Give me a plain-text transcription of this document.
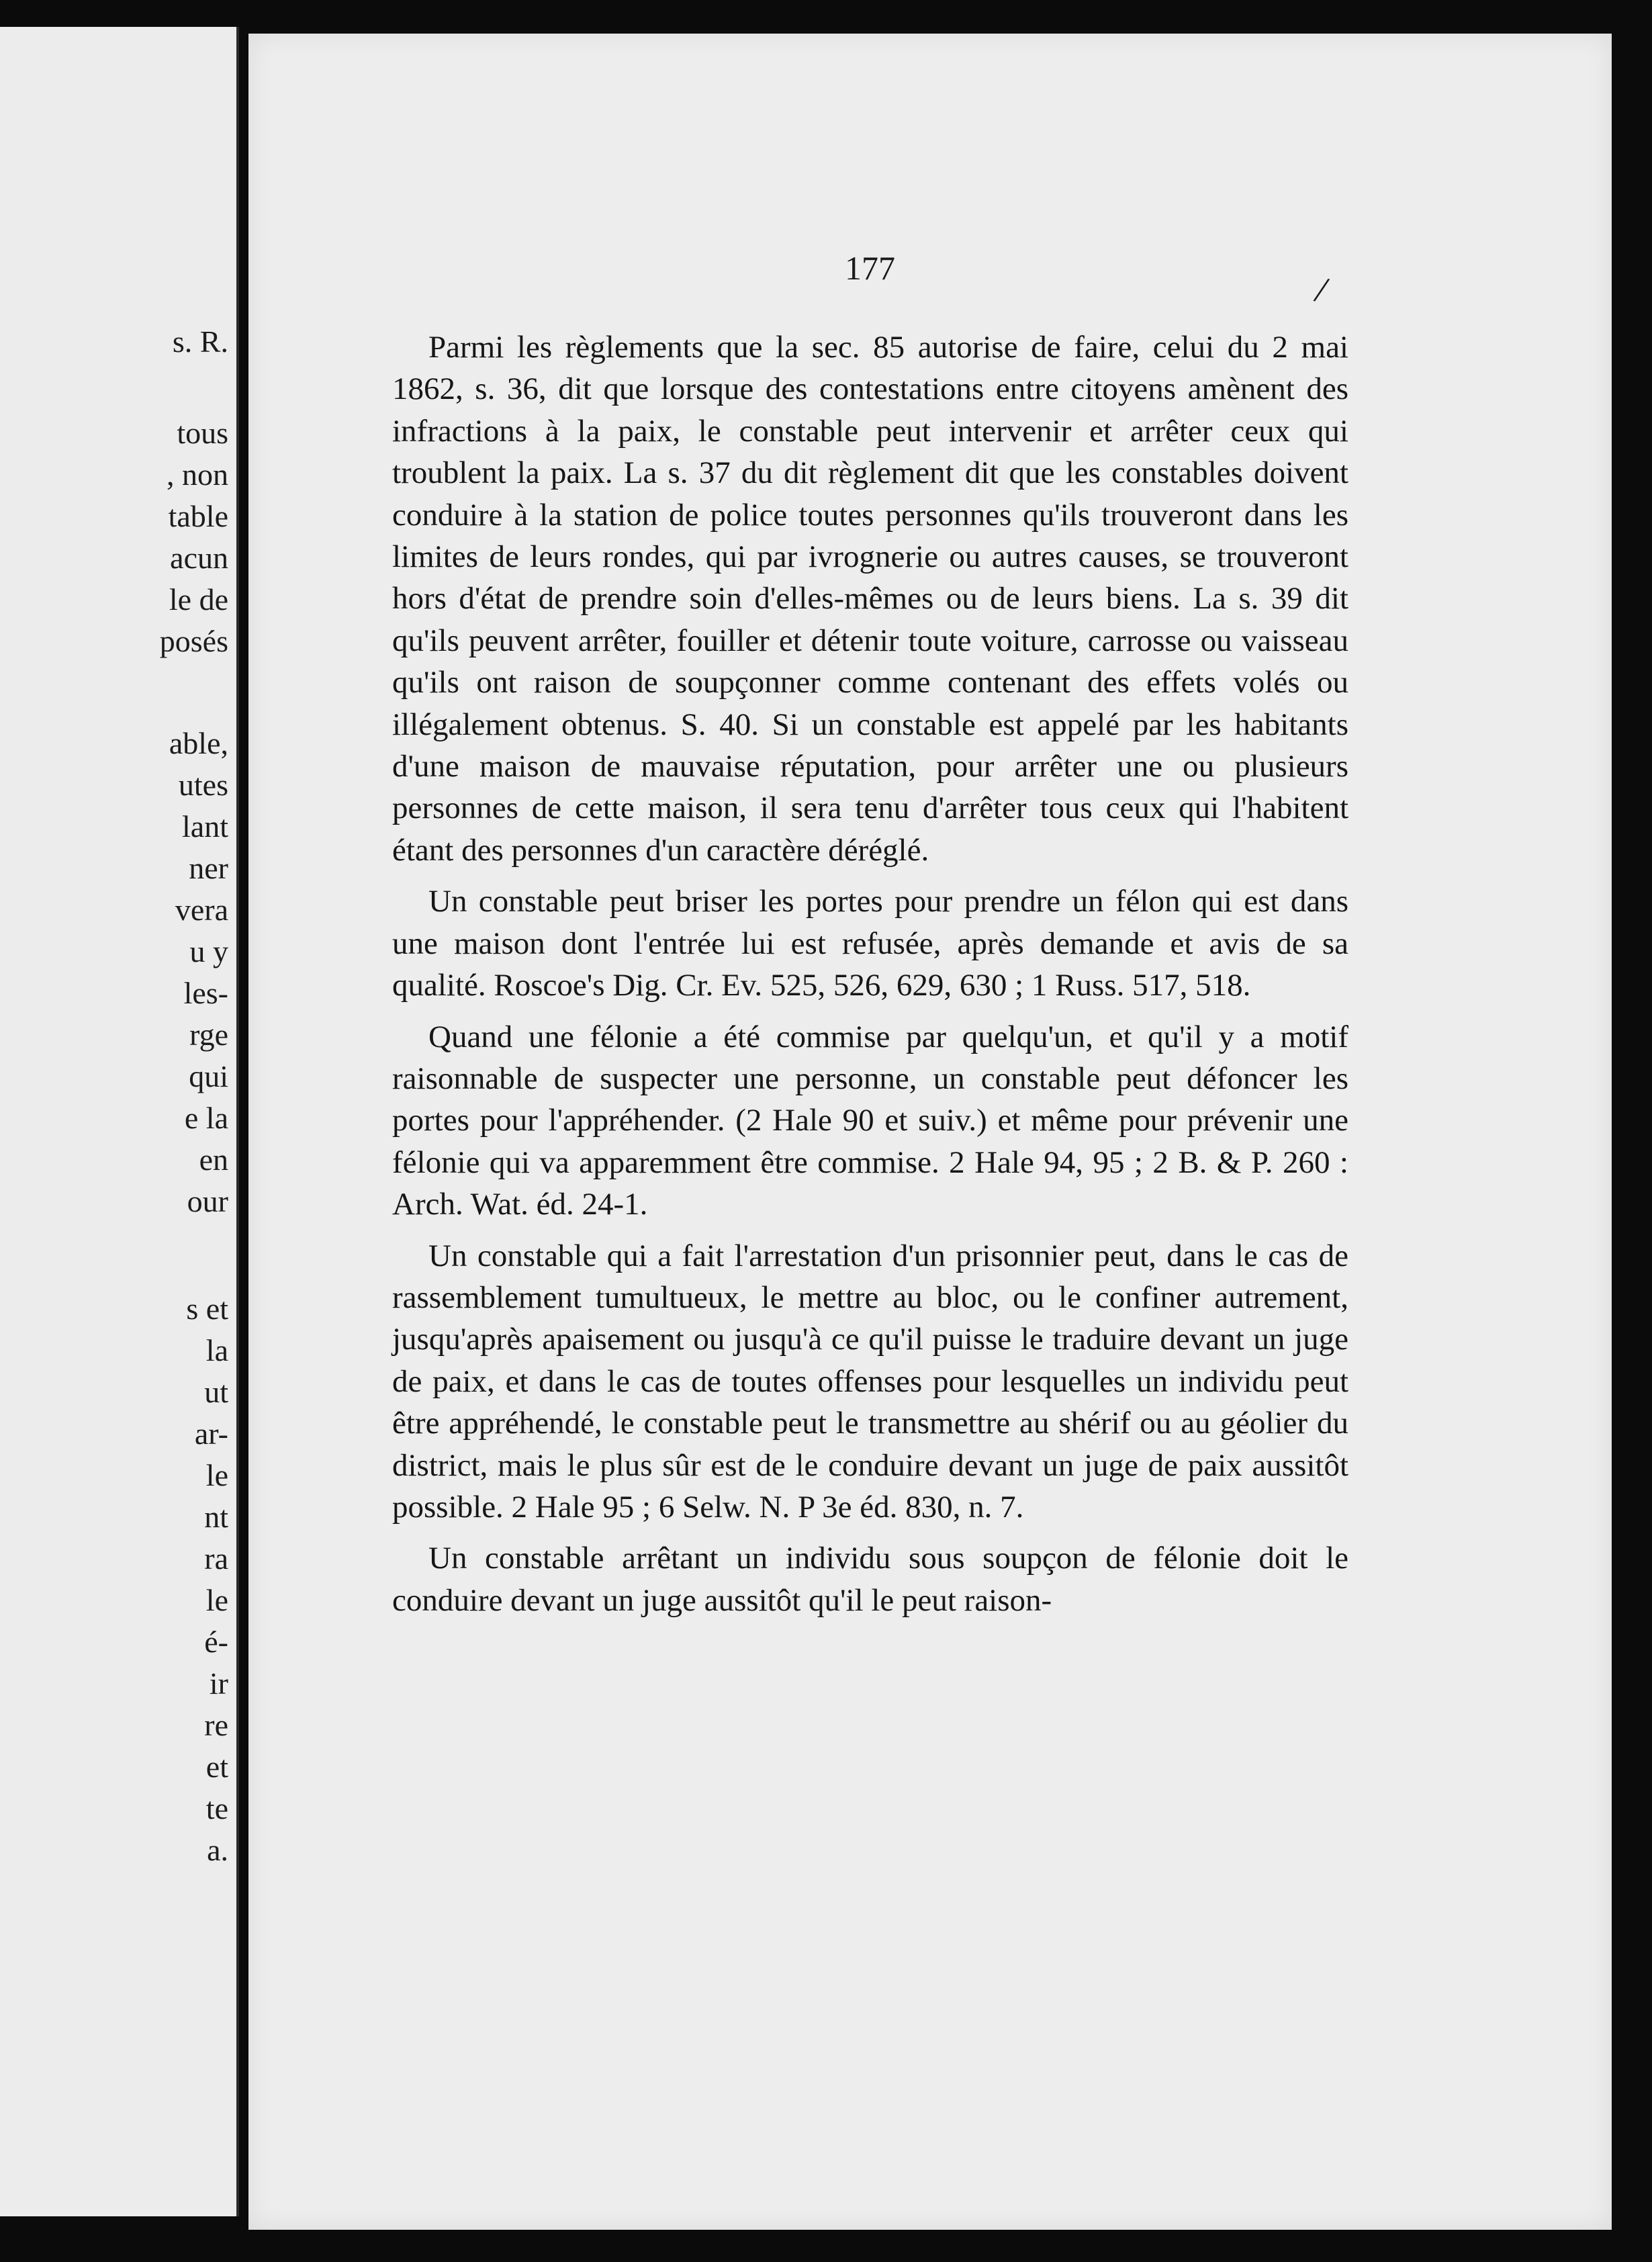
s. R.
tous
, non
table
acun
le de
posés
able,
utes
lant
ner
vera
u y
les-
rge
qui
e la
en
our
s et
la
ut
ar-
le
nt
ra
le
é-
ir
re
et
te
a.
177
/

Parmi les règlements que la sec. 85 autorise de faire, celui du 2 mai 1862, s. 36, dit que lorsque des contestations entre citoyens amènent des infractions à la paix, le constable peut intervenir et arrêter ceux qui troublent la paix. La s. 37 du dit règlement dit que les constables doivent conduire à la station de police toutes personnes qu'ils trouveront dans les limites de leurs rondes, qui par ivrognerie ou autres causes, se trouveront hors d'état de prendre soin d'elles-mêmes ou de leurs biens. La s. 39 dit qu'ils peuvent arrêter, fouiller et détenir toute voiture, carrosse ou vaisseau qu'ils ont raison de soupçonner comme contenant des effets volés ou illégalement obtenus. S. 40. Si un constable est appelé par les habitants d'une maison de mauvaise réputation, pour arrêter une ou plusieurs personnes de cette maison, il sera tenu d'arrêter tous ceux qui l'habitent étant des personnes d'un caractère déréglé.

Un constable peut briser les portes pour prendre un félon qui est dans une maison dont l'entrée lui est refusée, après demande et avis de sa qualité. Roscoe's Dig. Cr. Ev. 525, 526, 629, 630 ; 1 Russ. 517, 518.

Quand une félonie a été commise par quelqu'un, et qu'il y a motif raisonnable de suspecter une personne, un constable peut défoncer les portes pour l'appréhender. (2 Hale 90 et suiv.) et même pour prévenir une félonie qui va apparemment être commise. 2 Hale 94, 95 ; 2 B. & P. 260 : Arch. Wat. éd. 24-1.

Un constable qui a fait l'arrestation d'un prisonnier peut, dans le cas de rassemblement tumultueux, le mettre au bloc, ou le confiner autrement, jusqu'après apaisement ou jusqu'à ce qu'il puisse le traduire devant un juge de paix, et dans le cas de toutes offenses pour lesquelles un individu peut être appréhendé, le constable peut le transmettre au shérif ou au géolier du district, mais le plus sûr est de le conduire devant un juge de paix aussitôt possible. 2 Hale 95 ; 6 Selw. N. P 3e éd. 830, n. 7.

Un constable arrêtant un individu sous soupçon de félonie doit le conduire devant un juge aussitôt qu'il le peut raison-
